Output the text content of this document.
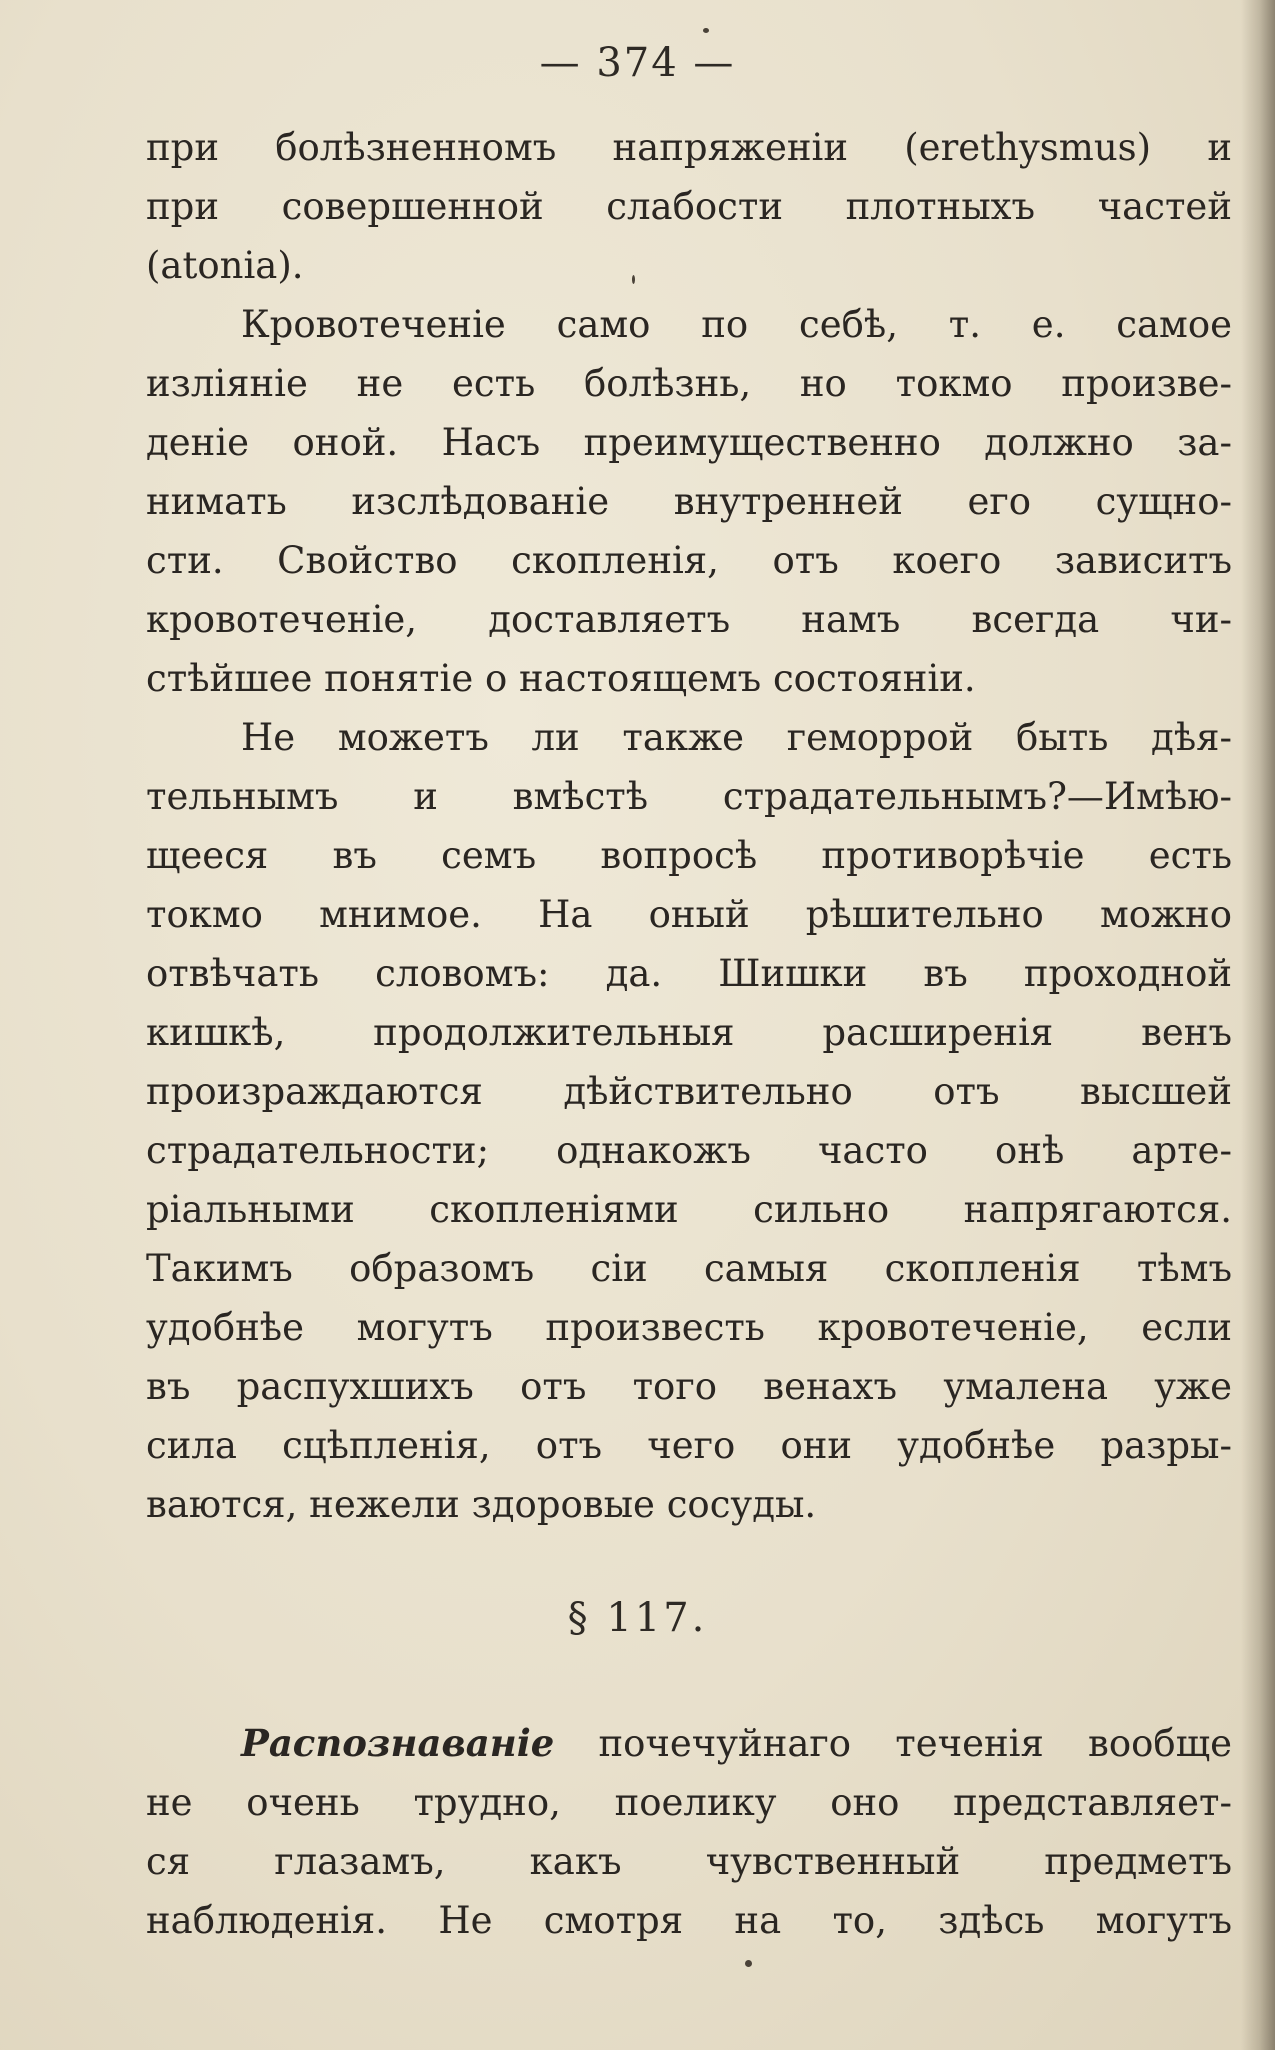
— 374 —
при болѣзненномъ напряженіи (erethysmus) и
при совершенной слабости плотныхъ частей
(atonia).
Кровотеченіе само по себѣ, т. е. самое
изліяніе не есть болѣзнь, но токмо произве-
деніе оной. Насъ преимущественно должно за-
нимать изслѣдованіе внутренней его сущно-
сти. Свойство скопленія, отъ коего зависитъ
кровотеченіе, доставляетъ намъ всегда чи-
стѣйшее понятіе о настоящемъ состояніи.
Не можетъ ли также геморрой быть дѣя-
тельнымъ и вмѣстѣ страдательнымъ?—Имѣю-
щееся въ семъ вопросѣ противорѣчіе есть
токмо мнимое. На оный рѣшительно можно
отвѣчать словомъ: да. Шишки въ проходной
кишкѣ, продолжительныя расширенія венъ
произраждаются дѣйствительно отъ высшей
страдательности; однакожъ часто онѣ арте-
ріальными скопленіями сильно напрягаются.
Такимъ образомъ сіи самыя скопленія тѣмъ
удобнѣе могутъ произвесть кровотеченіе, если
въ распухшихъ отъ того венахъ умалена уже
сила сцѣпленія, отъ чего они удобнѣе разры-
ваются, нежели здоровые сосуды.
§ 117.
Распознаваніе почечуйнаго теченія вообще
не очень трудно, поелику оно представляет-
ся глазамъ, какъ чувственный предметъ
наблюденія. Не смотря на то, здѣсь могутъ
